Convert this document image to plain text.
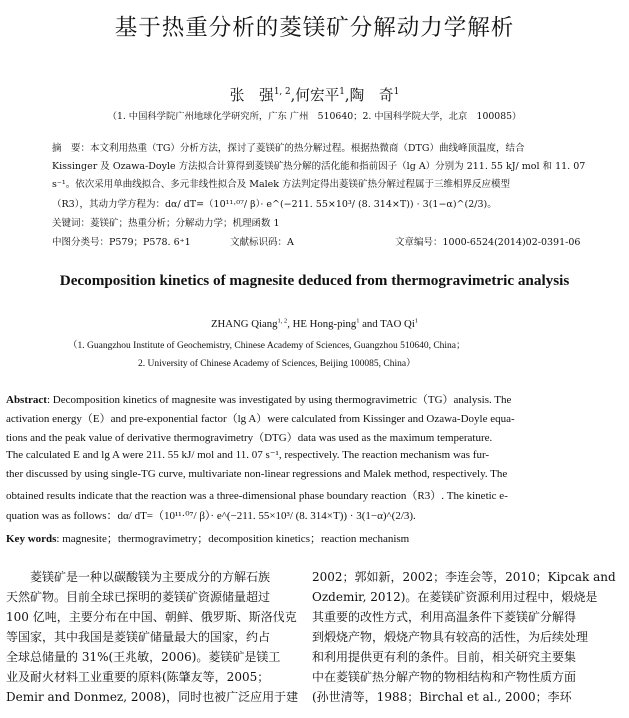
基于热重分析的菱镁矿分解动力学解析
张　强$^{1, 2}$,何宏平$^1$,陶　奇$^1$
（1. 中国科学院广州地球化学研究所，广东 广州　510640；2. 中国科学院大学，北京　100085）
摘　要：本文利用热重（TG）分析方法，探讨了菱镁矿的热分解过程。根据热微商（DTG）曲线峰顶温度，结合
Kissinger 及 Ozawa-Doyle 方法拟合计算得到菱镁矿热分解的活化能和指前因子（lg A）分别为 211. 55 kJ/ mol 和 11. 07
s⁻¹。依次采用单曲线拟合、多元非线性拟合及 Malek 方法判定得出菱镁矿热分解过程属于三维相界反应模型
（R3），其动力学方程为：dα/ dT=（10¹¹·⁰⁷/ β）· e^(−211. 55×10³/ (8. 314×T)) · 3(1−α)^(2/3)。
关键词：菱镁矿；热重分析；分解动力学；机理函数 1
中图分类号：P579；P578. 6⁺1	文献标识码：A	文章编号：1000-6524(2014)02-0391-06
Decomposition kinetics of magnesite deduced from thermogravimetric analysis
ZHANG Qiang$^{1, 2}$, HE Hong-ping$^1$ and TAO Qi$^1$
（1. Guangzhou Institute of Geochemistry, Chinese Academy of Sciences, Guangzhou 510640, China；
2. University of Chinese Academy of Sciences, Beijing 100085, China）
Abstract: Decomposition kinetics of magnesite was investigated by using thermogravimetric（TG）analysis. The
activation energy（E）and pre-exponential factor（lg A）were calculated from Kissinger and Ozawa-Doyle equa-
tions and the peak value of derivative thermogravimetry（DTG）data was used as the maximum temperature.
The calculated E and lg A were 211. 55 kJ/ mol and 11. 07 s⁻¹, respectively. The reaction mechanism was fur-
ther discussed by using single-TG curve, multivariate non-linear regressions and Malek method, respectively. The
obtained results indicate that the reaction was a three-dimensional phase boundary reaction（R3）. The kinetic e-
quation was as follows：dα/ dT=（10¹¹·⁰⁷/ β）· e^(−211. 55×10³/ (8. 314×T)) · 3(1−α)^(2/3).
Key words: magnesite；thermogravimetry；decomposition kinetics；reaction mechanism
菱镁矿是一种以碳酸镁为主要成分的方解石族
天然矿物。目前全球已探明的菱镁矿资源储量超过
100 亿吨，主要分布在中国、朝鲜、俄罗斯、斯洛伐克
等国家，其中我国是菱镁矿储量最大的国家，约占
全球总储量的 31%(王兆敏，2006)。菱镁矿是镁工
业及耐火材料工业重要的原料(陈肇友等，2005；
Demir and Donmez, 2008)，同时也被广泛应用于建
2002；郭如新，2002；李连会等，2010；Kipcak and
Ozdemir, 2012)。在菱镁矿资源利用过程中，煅烧是
其重要的改性方式，利用高温条件下菱镁矿分解得
到煅烧产物，煅烧产物具有较高的活性，为后续处理
和利用提供更有利的条件。目前，相关研究主要集
中在菱镁矿热分解产物的物相结构和产物性质方面
(孙世清等，1988；Birchal et al., 2000；李环
